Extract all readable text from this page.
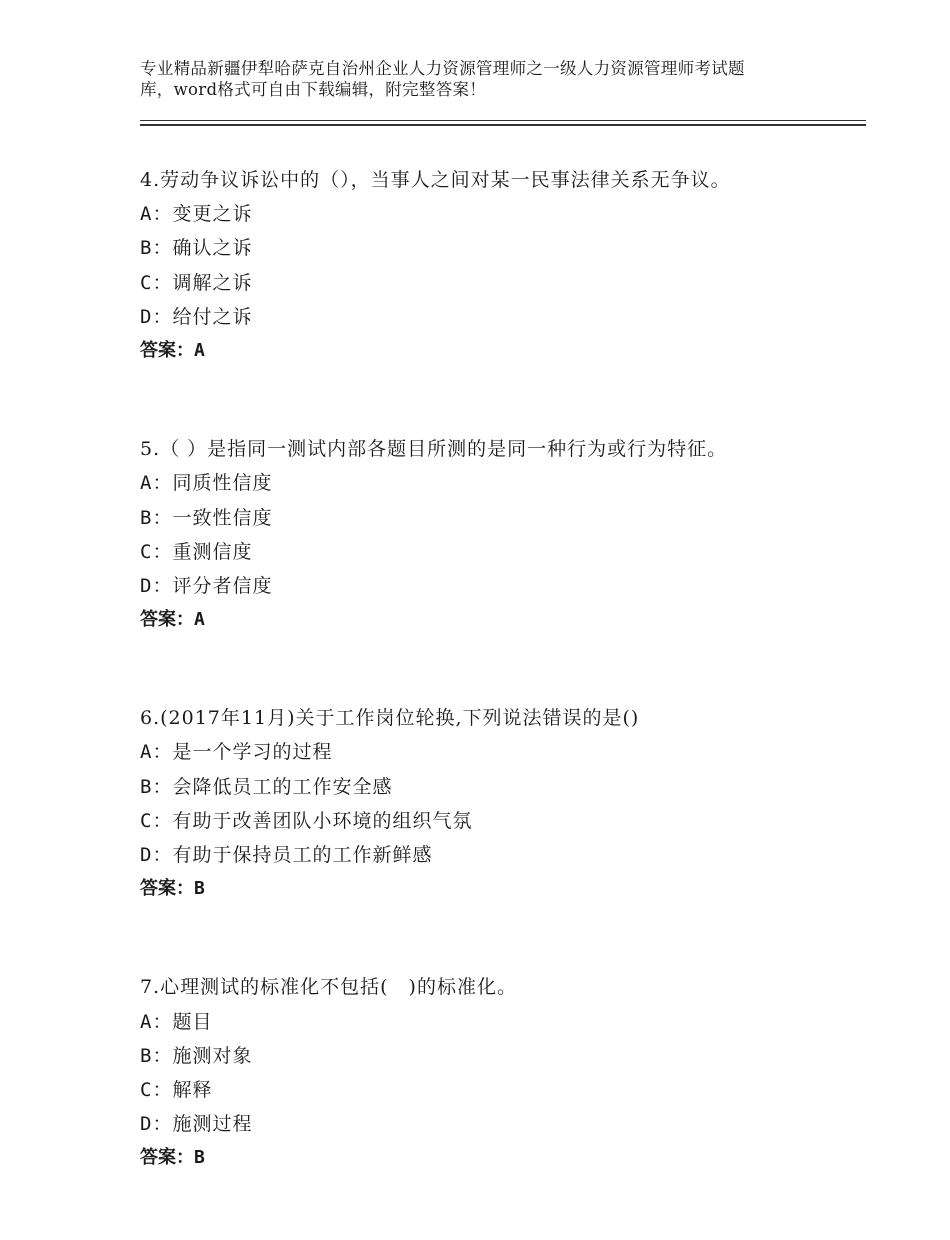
专业精品新疆伊犁哈萨克自治州企业人力资源管理师之一级人力资源管理师考试题
库，word格式可自由下载编辑，附完整答案！
4.劳动争议诉讼中的（），当事人之间对某一民事法律关系无争议。
A：变更之诉
B：确认之诉
C：调解之诉
D：给付之诉
答案：A
5.（ ）是指同一测试内部各题目所测的是同一种行为或行为特征。
A：同质性信度
B：一致性信度
C：重测信度
D：评分者信度
答案：A
6.(2017年11月)关于工作岗位轮换,下列说法错误的是()
A：是一个学习的过程
B：会降低员工的工作安全感
C：有助于改善团队小环境的组织气氛
D：有助于保持员工的工作新鲜感
答案：B
7.心理测试的标准化不包括(　)的标准化。
A：题目
B：施测对象
C：解释
D：施测过程
答案：B
